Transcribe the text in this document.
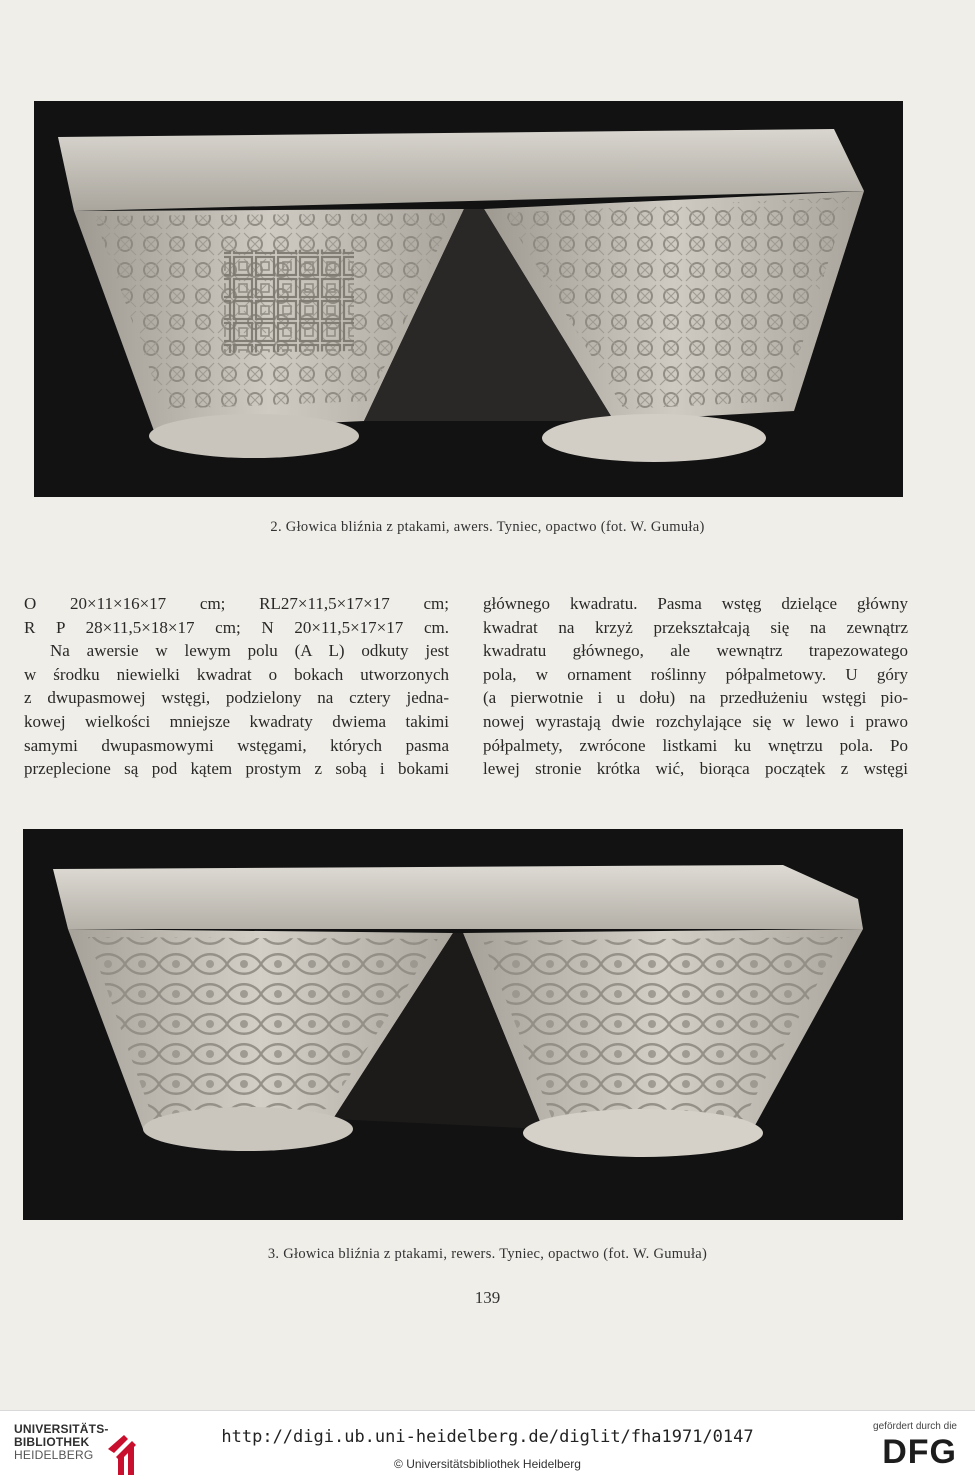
2. Głowica bliźnia z ptakami, awers. Tyniec, opactwo (fot. W. Gumuła)
O 20×11×16×17 cm; RL27×11,5×17×17 cm;
R P 28×11,5×18×17 cm; N 20×11,5×17×17 cm.
Na awersie w lewym polu (A L) odkuty jest
w środku niewielki kwadrat o bokach utworzonych
z dwupasmowej wstęgi, podzielony na cztery jedna-
kowej wielkości mniejsze kwadraty dwiema takimi
samymi dwupasmowymi wstęgami, których pasma
przeplecione są pod kątem prostym z sobą i bokami
głównego kwadratu. Pasma wstęg dzielące główny
kwadrat na krzyż przekształcają się na zewnątrz
kwadratu głównego, ale wewnątrz trapezowatego
pola, w ornament roślinny półpalmetowy. U góry
(a pierwotnie i u dołu) na przedłużeniu wstęgi pio-
nowej wyrastają dwie rozchylające się w lewo i prawo
półpalmety, zwrócone listkami ku wnętrzu pola. Po
lewej stronie krótka wić, biorąca początek z wstęgi
3. Głowica bliźnia z ptakami, rewers. Tyniec, opactwo (fot. W. Gumuła)
139
UNIVERSITÄTS-
BIBLIOTHEK
HEIDELBERG
http://digi.ub.uni-heidelberg.de/diglit/fha1971/0147
© Universitätsbibliothek Heidelberg
gefördert durch die
DFG
